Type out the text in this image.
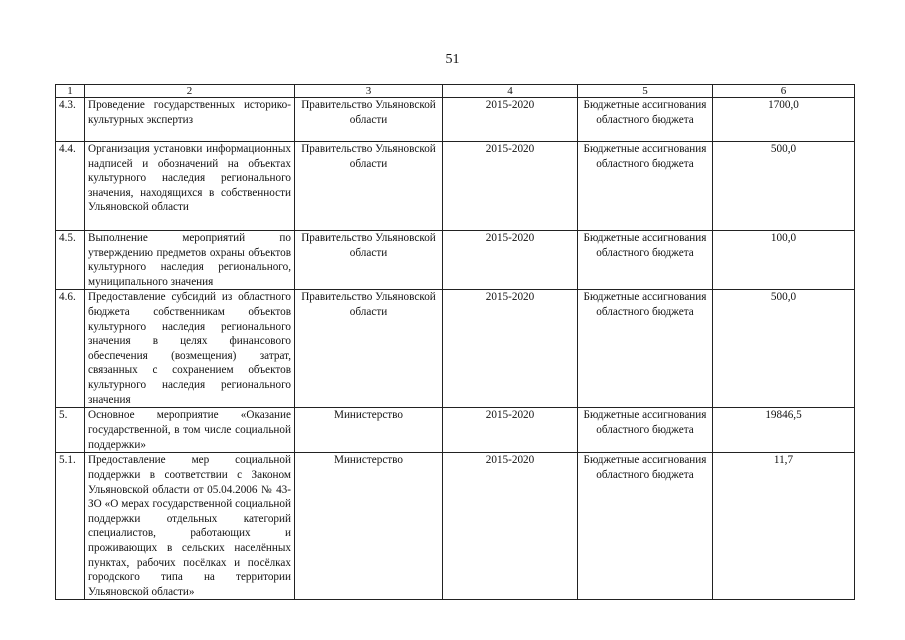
51
1	2	3	4	5	6
4.3.	Проведение государственных историко-культурных экспертиз	Правительство Ульяновской области	2015-2020	Бюджетные ассигнования областного бюджета	1700,0
4.4.	Организация установки информационных надписей и обозначений на объектах культурного наследия регионального значения, находящихся в собственности Ульяновской области	Правительство Ульяновской области	2015-2020	Бюджетные ассигнования областного бюджета	500,0
4.5.	Выполнение мероприятий по утверждению предметов охраны объектов культурного наследия регионального, муниципального значения	Правительство Ульяновской области	2015-2020	Бюджетные ассигнования областного бюджета	100,0
4.6.	Предоставление субсидий из областного бюджета собственникам объектов культурного наследия регионального значения в целях финансового обеспечения (возмещения) затрат, связанных с сохранением объектов культурного наследия регионального значения	Правительство Ульяновской области	2015-2020	Бюджетные ассигнования областного бюджета	500,0
5.	Основное мероприятие «Оказание государственной, в том числе социальной поддержки»	Министерство	2015-2020	Бюджетные ассигнования областного бюджета	19846,5
5.1.	Предоставление мер социальной поддержки в соответствии с Законом Ульяновской области от 05.04.2006 № 43-ЗО «О мерах государственной социальной поддержки отдельных категорий специалистов, работающих и проживающих в сельских населённых пунктах, рабочих посёлках и посёлках городского типа на территории Ульяновской области»	Министерство	2015-2020	Бюджетные ассигнования областного бюджета	11,7
